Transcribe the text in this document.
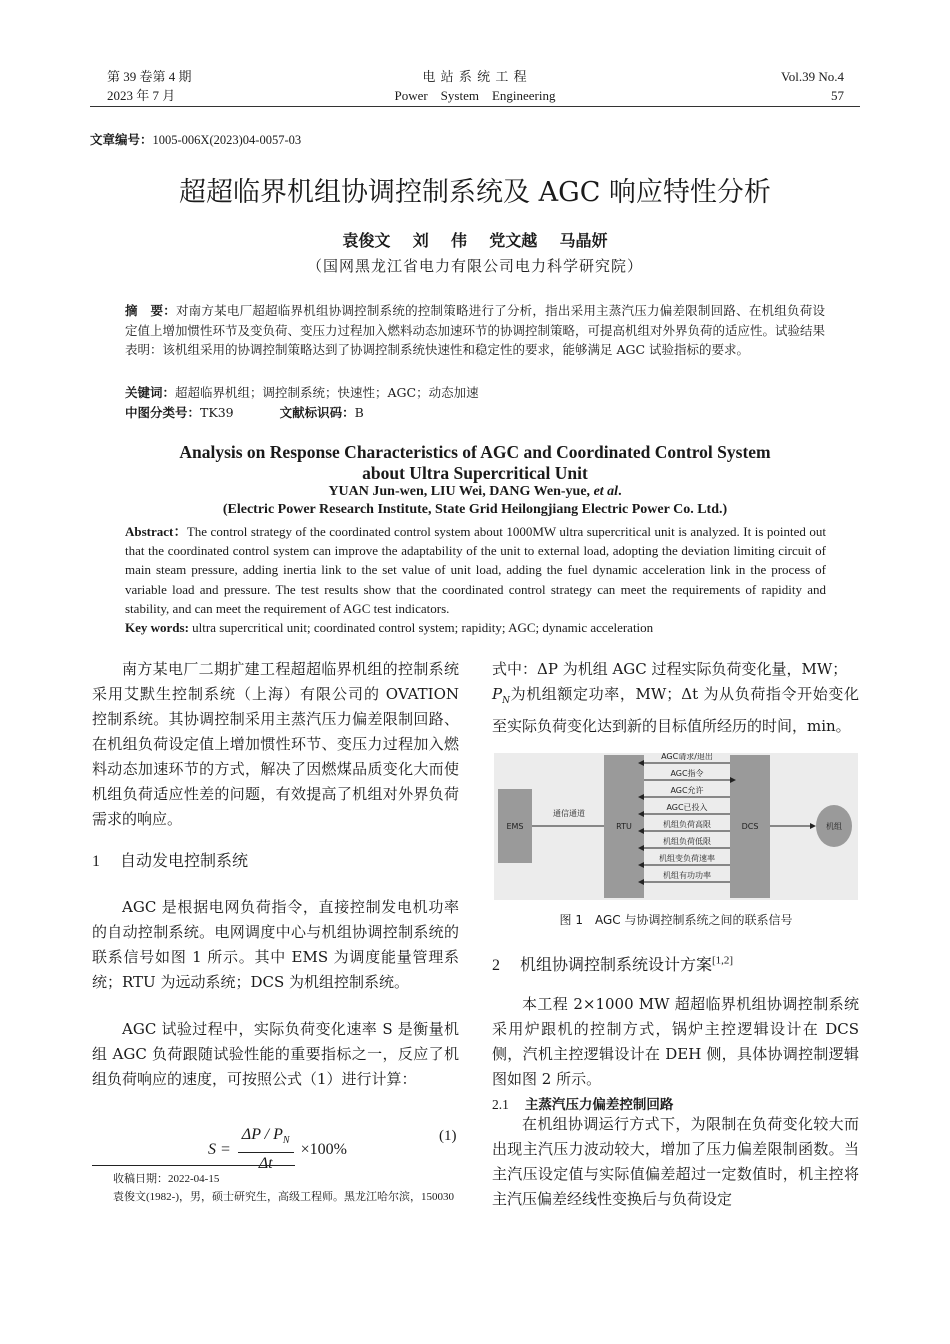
第 39 卷第 4 期
2023 年 7 月
电 站 系 统 工 程
Power    System    Engineering
Vol.39 No.4
57
文章编号：1005-006X(2023)04-0057-03
超超临界机组协调控制系统及 AGC 响应特性分析
袁俊文    刘    伟    党文越    马晶妍
（国网黑龙江省电力有限公司电力科学研究院）
摘　要：对南方某电厂超超临界机组协调控制系统的控制策略进行了分析，指出采用主蒸汽压力偏差限制回路、在机组负荷设定值上增加惯性环节及变负荷、变压力过程加入燃料动态加速环节的协调控制策略，可提高机组对外界负荷的适应性。试验结果表明：该机组采用的协调控制策略达到了协调控制系统快速性和稳定性的要求，能够满足 AGC 试验指标的要求。
关键词：超超临界机组；调控制系统；快速性；AGC；动态加速
中图分类号：TK39	文献标识码：B
Analysis on Response Characteristics of AGC and Coordinated Control System
about Ultra Supercritical Unit
YUAN Jun-wen, LIU Wei, DANG Wen-yue, et al.
(Electric Power Research Institute, State Grid Heilongjiang Electric Power Co. Ltd.)
Abstract：The control strategy of the coordinated control system about 1000MW ultra supercritical unit is analyzed. It is pointed out that the coordinated control system can improve the adaptability of the unit to external load, adopting the deviation limiting circuit of main steam pressure, adding inertia link to the set value of unit load, adding the fuel dynamic acceleration link in the process of variable load and pressure. The test results show that the coordinated control strategy can meet the requirements of rapidity and stability, and can meet the requirement of AGC test indicators.
Key words: ultra supercritical unit; coordinated control system; rapidity; AGC; dynamic acceleration
南方某电厂二期扩建工程超超临界机组的控制系统采用艾默生控制系统（上海）有限公司的 OVATION 控制系统。其协调控制采用主蒸汽压力偏差限制回路、在机组负荷设定值上增加惯性环节、变压力过程加入燃料动态加速环节的方式，解决了因燃煤品质变化大而使机组负荷适应性差的问题，有效提高了机组对外界负荷需求的响应。
1 自动发电控制系统
AGC 是根据电网负荷指令，直接控制发电机功率的自动控制系统。电网调度中心与机组协调控制系统的联系信号如图 1 所示。其中 EMS 为调度能量管理系统；RTU 为远动系统；DCS 为机组控制系统。
AGC 试验过程中，实际负荷变化速率 S 是衡量机组 AGC 负荷跟随试验性能的重要指标之一，反应了机组负荷响应的速度，可按照公式（1）进行计算：
$S = \frac{\Delta P / P_N}{\Delta t} \times 100\%$
(1)
收稿日期：2022-04-15
袁俊文(1982-)，男，硕士研究生，高级工程师。黑龙江哈尔滨，150030
式中：ΔP 为机组 AGC 过程实际负荷变化量，MW；
$P_N$为机组额定功率，MW；Δt 为从负荷指令开始变化至实际负荷变化达到新的目标值所经历的时间，min。
EMS
通信通道
RTU	DCS	机组
AGC请求/退出
AGC指令
AGC允许
AGC已投入
机组负荷高限
机组负荷低限
机组变负荷速率
机组有功功率
图 1　AGC 与协调控制系统之间的联系信号
2 机组协调控制系统设计方案[1,2]
本工程 2×1000 MW 超超临界机组协调控制系统采用炉跟机的控制方式，锅炉主控逻辑设计在 DCS 侧，汽机主控逻辑设计在 DEH 侧，具体协调控制逻辑图如图 2 所示。
2.1 主蒸汽压力偏差控制回路
在机组协调运行方式下，为限制在负荷变化较大而出现主汽压力波动较大，增加了压力偏差限制函数。当主汽压设定值与实际值偏差超过一定数值时，机主控将主汽压偏差经线性变换后与负荷设定
